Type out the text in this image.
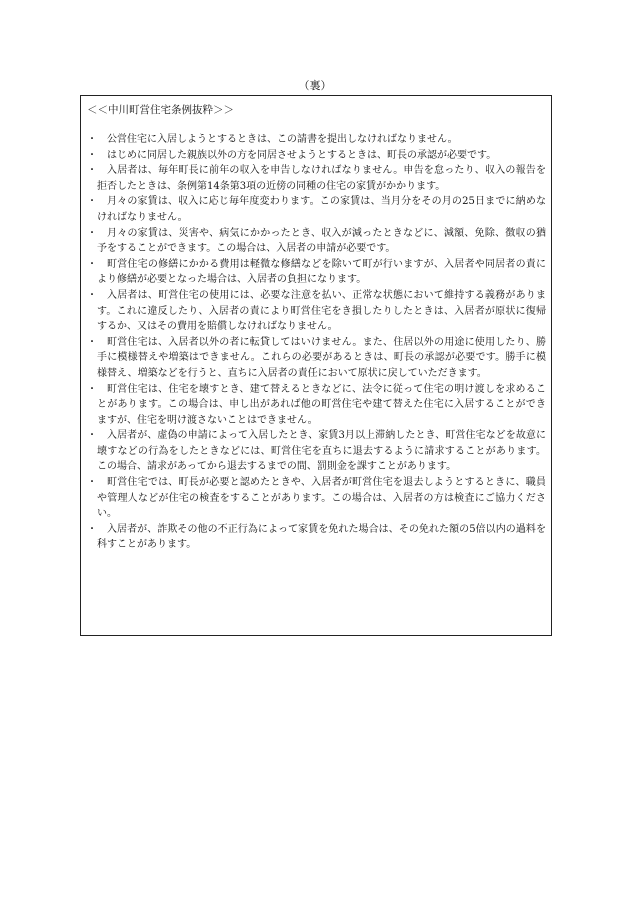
（裏）
＜＜中川町営住宅条例抜粋＞＞
・ 公営住宅に入居しようとするときは、この請書を提出しなければなりません。
・ はじめに同居した親族以外の方を同居させようとするときは、町長の承認が必要です。
・ 入居者は、毎年町長に前年の収入を申告しなければなりません。申告を怠ったり、収入の報告を拒否したときは、条例第14条第3項の近傍の同種の住宅の家賃がかかります。
・ 月々の家賃は、収入に応じ毎年度変わります。この家賃は、当月分をその月の25日までに納めなければなりません。
・ 月々の家賃は、災害や、病気にかかったとき、収入が減ったときなどに、減額、免除、徴収の猶予をすることができます。この場合は、入居者の申請が必要です。
・ 町営住宅の修繕にかかる費用は軽微な修繕などを除いて町が行いますが、入居者や同居者の責により修繕が必要となった場合は、入居者の負担になります。
・ 入居者は、町営住宅の使用には、必要な注意を払い、正常な状態において維持する義務があります。これに違反したり、入居者の責により町営住宅をき損したりしたときは、入居者が原状に復帰するか、又はその費用を賠償しなければなりません。
・ 町営住宅は、入居者以外の者に転貸してはいけません。また、住居以外の用途に使用したり、勝手に模様替えや増築はできません。これらの必要があるときは、町長の承認が必要です。勝手に模様替え、増築などを行うと、直ちに入居者の責任において原状に戻していただきます。
・ 町営住宅は、住宅を壊すとき、建て替えるときなどに、法令に従って住宅の明け渡しを求めることがあります。この場合は、申し出があれば他の町営住宅や建て替えた住宅に入居することができますが、住宅を明け渡さないことはできません。
・ 入居者が、虚偽の申請によって入居したとき、家賃3月以上滞納したとき、町営住宅などを故意に壊すなどの行為をしたときなどには、町営住宅を直ちに退去するように請求することがあります。この場合、請求があってから退去するまでの間、罰則金を課すことがあります。
・ 町営住宅では、町長が必要と認めたときや、入居者が町営住宅を退去しようとするときに、職員や管理人などが住宅の検査をすることがあります。この場合は、入居者の方は検査にご協力ください。
・ 入居者が、詐欺その他の不正行為によって家賃を免れた場合は、その免れた額の5倍以内の過料を科すことがあります。
